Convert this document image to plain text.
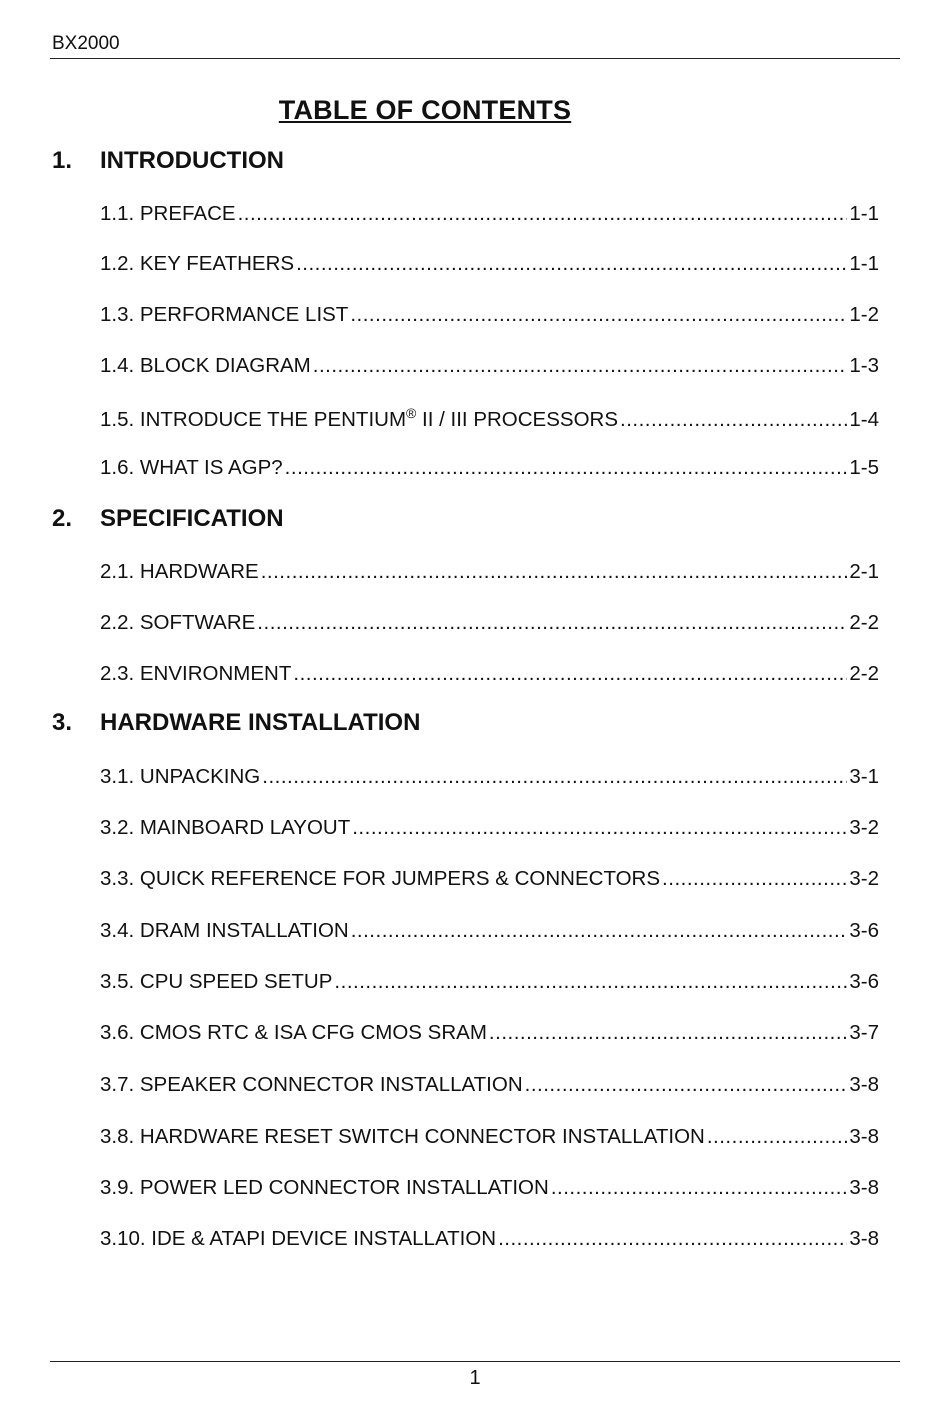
BX2000
TABLE OF CONTENTS
1. INTRODUCTION
1.1. PREFACE .....	1-1
1.2. KEY FEATHERS .....	1-1
1.3. PERFORMANCE LIST .....	1-2
1.4. BLOCK DIAGRAM .....	1-3
1.5. INTRODUCE THE PENTIUM® II / III PROCESSORS .....	1-4
1.6. WHAT IS AGP? .....	1-5
2. SPECIFICATION
2.1. HARDWARE .....	2-1
2.2. SOFTWARE .....	2-2
2.3. ENVIRONMENT .....	2-2
3. HARDWARE INSTALLATION
3.1. UNPACKING .....	3-1
3.2. MAINBOARD LAYOUT .....	3-2
3.3. QUICK REFERENCE FOR JUMPERS & CONNECTORS .....	3-2
3.4. DRAM INSTALLATION .....	3-6
3.5. CPU SPEED SETUP .....	3-6
3.6. CMOS RTC & ISA CFG CMOS SRAM .....	3-7
3.7. SPEAKER CONNECTOR INSTALLATION .....	3-8
3.8. HARDWARE RESET SWITCH CONNECTOR INSTALLATION .....	3-8
3.9. POWER LED CONNECTOR INSTALLATION .....	3-8
3.10. IDE & ATAPI DEVICE INSTALLATION .....	3-8
1
